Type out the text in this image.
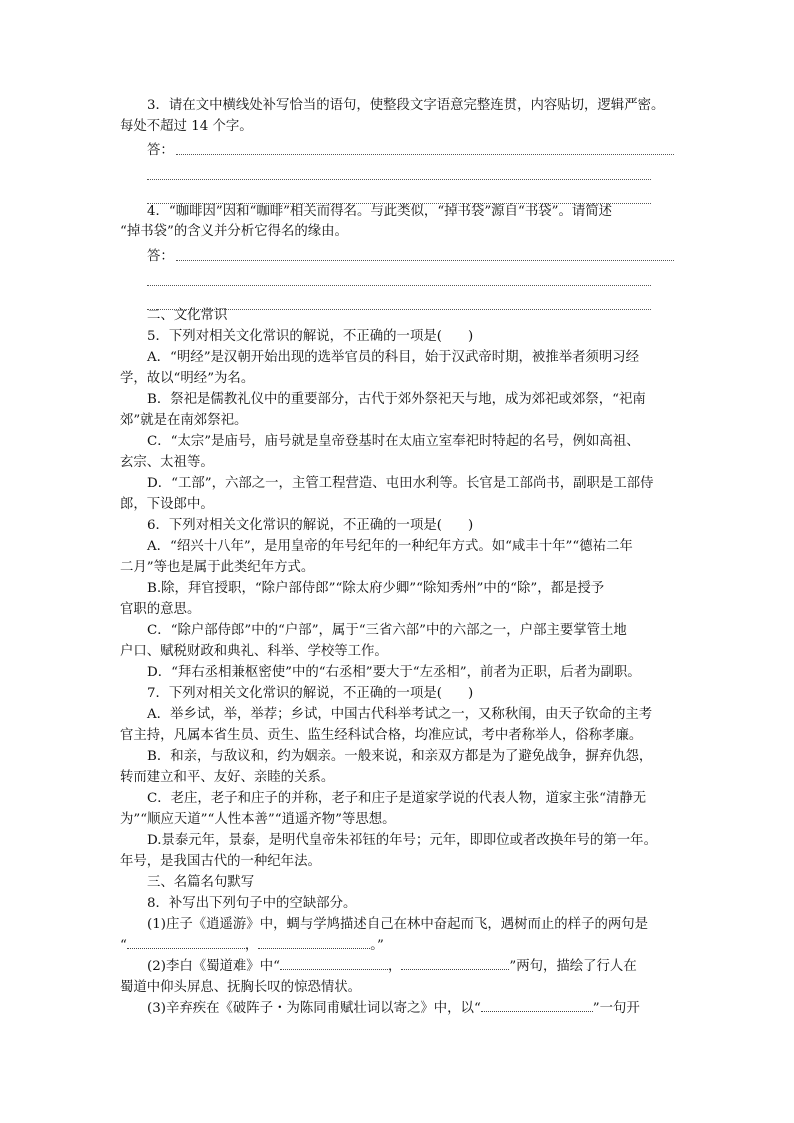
3．请在文中横线处补写恰当的语句，使整段文字语意完整连贯，内容贴切，逻辑严密。
每处不超过 14 个字。
答：
4．“咖啡因”因和“咖啡”相关而得名。与此类似，“掉书袋”源自“书袋”。请简述
“掉书袋”的含义并分析它得名的缘由。
答：
二、文化常识
5．下列对相关文化常识的解说，不正确的一项是( )
A．“明经”是汉朝开始出现的选举官员的科目，始于汉武帝时期，被推举者须明习经
学，故以“明经”为名。
B．祭祀是儒教礼仪中的重要部分，古代于郊外祭祀天与地，成为郊祀或郊祭，“祀南
郊”就是在南郊祭祀。
C．“太宗”是庙号，庙号就是皇帝登基时在太庙立室奉祀时特起的名号，例如高祖、
玄宗、太祖等。
D．“工部”，六部之一，主管工程营造、屯田水利等。长官是工部尚书，副职是工部侍
郎，下设郎中。
6．下列对相关文化常识的解说，不正确的一项是( )
A．“绍兴十八年”，是用皇帝的年号纪年的一种纪年方式。如“咸丰十年”“德祐二年
二月”等也是属于此类纪年方式。
B.除，拜官授职，“除户部侍郎”“除太府少卿”“除知秀州”中的“除”，都是授予
官职的意思。
C．“除户部侍郎”中的“户部”，属于“三省六部”中的六部之一，户部主要掌管土地
户口、赋税财政和典礼、科举、学校等工作。
D．“拜右丞相兼枢密使”中的“右丞相”要大于“左丞相”，前者为正职，后者为副职。
7．下列对相关文化常识的解说，不正确的一项是( )
A．举乡试，举，举荐；乡试，中国古代科举考试之一，又称秋闱，由天子钦命的主考
官主持，凡属本省生员、贡生、监生经科试合格，均准应试，考中者称举人，俗称孝廉。
B．和亲，与敌议和，约为姻亲。一般来说，和亲双方都是为了避免战争，摒弃仇怨，
转而建立和平、友好、亲睦的关系。
C．老庄，老子和庄子的并称，老子和庄子是道家学说的代表人物，道家主张“清静无
为”“顺应天道”“人性本善”“逍遥齐物”等思想。
D.景泰元年，景泰，是明代皇帝朱祁钰的年号；元年，即即位或者改换年号的第一年。
年号，是我国古代的一种纪年法。
三、名篇名句默写
8．补写出下列句子中的空缺部分。
(1)庄子《逍遥游》中，蜩与学鸠描述自己在林中奋起而飞，遇树而止的样子的两句是
“	，	。”
(2)李白《蜀道难》中“	，	”两句，描绘了行人在
蜀道中仰头屏息、抚胸长叹的惊恐情状。
(3)辛弃疾在《破阵子・为陈同甫赋壮词以寄之》中，以“	”一句开
